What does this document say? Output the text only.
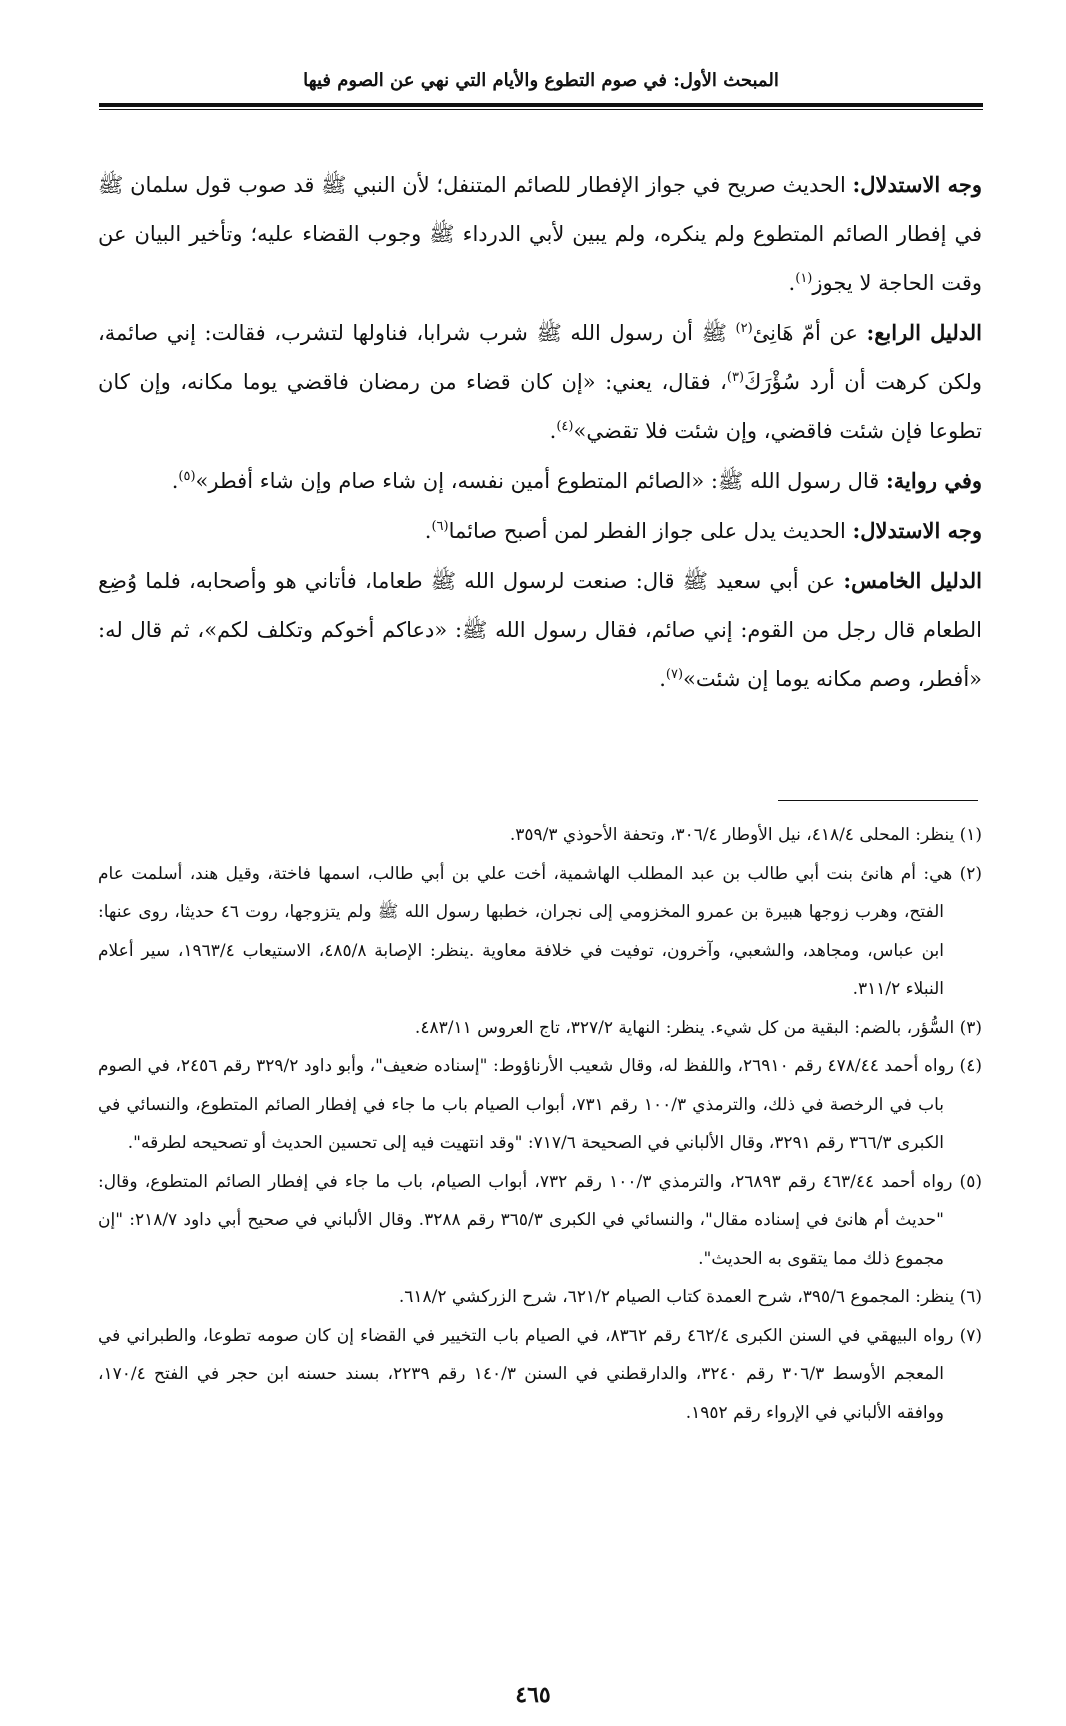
المبحث الأول: في صوم التطوع والأيام التي نهي عن الصوم فيها

وجه الاستدلال: الحديث صريح في جواز الإفطار للصائم المتنفل؛ لأن النبي ﷺ قد صوب قول سلمان ﷺ في إفطار الصائم المتطوع ولم ينكره، ولم يبين لأبي الدرداء ﷺ وجوب القضاء عليه؛ وتأخير البيان عن وقت الحاجة لا يجوز$^{(١)}$.

الدليل الرابع: عن أمّ هَانِئ$^{(٢)}$ ﷺ أن رسول الله ﷺ شرب شرابا، فناولها لتشرب، فقالت: إني صائمة، ولكن كرهت أن أرد سُؤْرَكَ$^{(٣)}$، فقال، يعني: «إن كان قضاء من رمضان فاقضي يوما مكانه، وإن كان تطوعا فإن شئت فاقضي، وإن شئت فلا تقضي»$^{(٤)}$.

وفي رواية: قال رسول الله ﷺ: «الصائم المتطوع أمين نفسه، إن شاء صام وإن شاء أفطر»$^{(٥)}$.

وجه الاستدلال: الحديث يدل على جواز الفطر لمن أصبح صائما$^{(٦)}$.

الدليل الخامس: عن أبي سعيد ﷺ قال: صنعت لرسول الله ﷺ طعاما، فأتاني هو وأصحابه، فلما وُضِع الطعام قال رجل من القوم: إني صائم، فقال رسول الله ﷺ: «دعاكم أخوكم وتكلف لكم»، ثم قال له: «أفطر، وصم مكانه يوما إن شئت»$^{(٧)}$.

(١) ينظر: المحلى ٤١٨/٤، نيل الأوطار ٣٠٦/٤، وتحفة الأحوذي ٣٥٩/٣.

(٢) هي: أم هانئ بنت أبي طالب بن عبد المطلب الهاشمية، أخت علي بن أبي طالب، اسمها فاختة، وقيل هند، أسلمت عام الفتح، وهرب زوجها هبيرة بن عمرو المخزومي إلى نجران، خطبها رسول الله ﷺ ولم يتزوجها، روت ٤٦ حديثا، روى عنها: ابن عباس، ومجاهد، والشعبي، وآخرون، توفيت في خلافة معاوية .ينظر: الإصابة ٤٨٥/٨، الاستيعاب ١٩٦٣/٤، سير أعلام النبلاء ٣١١/٢.

(٣) السُّؤر، بالضم: البقية من كل شيء. ينظر: النهاية ٣٢٧/٢، تاج العروس ٤٨٣/١١.

(٤) رواه أحمد ٤٧٨/٤٤ رقم ٢٦٩١٠، واللفظ له، وقال شعيب الأرناؤوط: "إسناده ضعيف"، وأبو داود ٣٢٩/٢ رقم ٢٤٥٦، في الصوم باب في الرخصة في ذلك، والترمذي ١٠٠/٣ رقم ٧٣١، أبواب الصيام باب ما جاء في إفطار الصائم المتطوع، والنسائي في الكبرى ٣٦٦/٣ رقم ٣٢٩١، وقال الألباني في الصحيحة ٧١٧/٦: "وقد انتهيت فيه إلى تحسين الحديث أو تصحيحه لطرقه".

(٥) رواه أحمد ٤٦٣/٤٤ رقم ٢٦٨٩٣، والترمذي ١٠٠/٣ رقم ٧٣٢، أبواب الصيام، باب ما جاء في إفطار الصائم المتطوع، وقال: "حديث أم هانئ في إسناده مقال"، والنسائي في الكبرى ٣٦٥/٣ رقم ٣٢٨٨. وقال الألباني في صحيح أبي داود ٢١٨/٧: "إن مجموع ذلك مما يتقوى به الحديث".

(٦) ينظر: المجموع ٣٩٥/٦، شرح العمدة كتاب الصيام ٦٢١/٢، شرح الزركشي ٦١٨/٢.

(٧) رواه البيهقي في السنن الكبرى ٤٦٢/٤ رقم ٨٣٦٢، في الصيام باب التخيير في القضاء إن كان صومه تطوعا، والطبراني في المعجم الأوسط ٣٠٦/٣ رقم ٣٢٤٠، والدارقطني في السنن ١٤٠/٣ رقم ٢٢٣٩، بسند حسنه ابن حجر في الفتح ١٧٠/٤، ووافقه الألباني في الإرواء رقم ١٩٥٢.

٤٦٥
